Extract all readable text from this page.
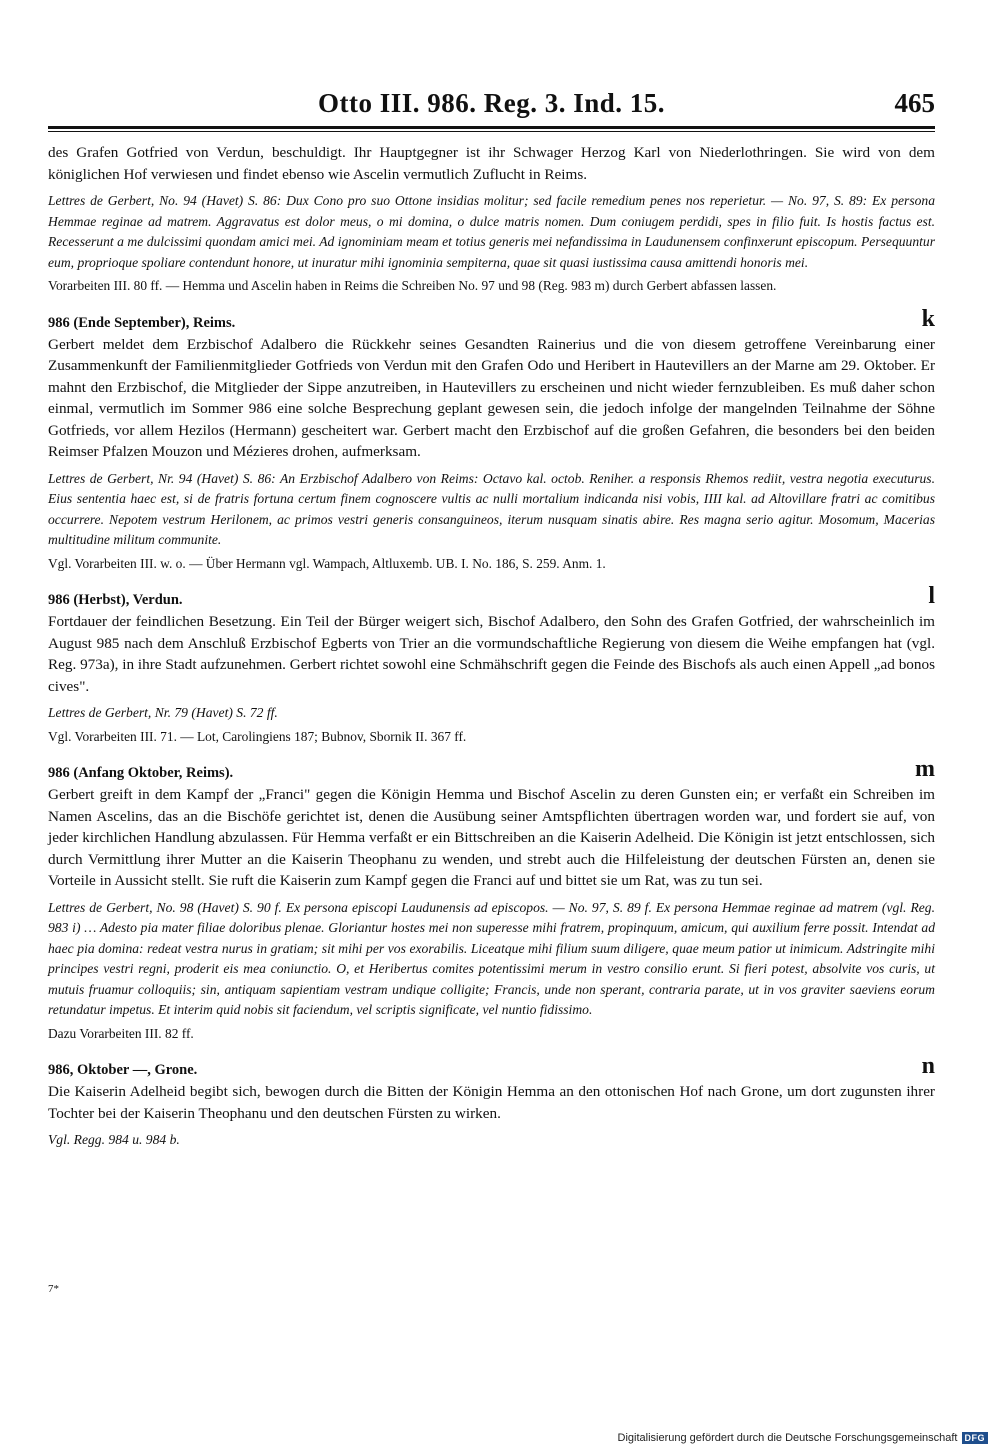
Otto III. 986. Reg. 3. Ind. 15.	465

des Grafen Gotfried von Verdun, beschuldigt. Ihr Hauptgegner ist ihr Schwager Herzog Karl von Niederlothringen. Sie wird von dem königlichen Hof verwiesen und findet ebenso wie Ascelin vermutlich Zuflucht in Reims.

Lettres de Gerbert, No. 94 (Havet) S. 86: Dux Cono pro suo Ottone insidias molitur; sed facile remedium penes nos reperietur. — No. 97, S. 89: Ex persona Hemmae reginae ad matrem. Aggravatus est dolor meus, o mi domina, o dulce matris nomen. Dum coniugem perdidi, spes in filio fuit. Is hostis factus est. Recesserunt a me dulcissimi quondam amici mei. Ad ignominiam meam et totius generis mei nefandissima in Laudunensem confinxerunt episcopum. Persequuntur eum, proprioque spoliare contendunt honore, ut inuratur mihi ignominia sempiterna, quae sit quasi iustissima causa amittendi honoris mei.

Vorarbeiten III. 80 ff. — Hemma und Ascelin haben in Reims die Schreiben No. 97 und 98 (Reg. 983 m) durch Gerbert abfassen lassen.

986 (Ende September), Reims.	k

Gerbert meldet dem Erzbischof Adalbero die Rückkehr seines Gesandten Rainerius und die von diesem getroffene Vereinbarung einer Zusammenkunft der Familienmitglieder Gotfrieds von Verdun mit den Grafen Odo und Heribert in Hautevillers an der Marne am 29. Oktober. Er mahnt den Erzbischof, die Mitglieder der Sippe anzutreiben, in Hautevillers zu erscheinen und nicht wieder fernzubleiben. Es muß daher schon einmal, vermutlich im Sommer 986 eine solche Besprechung geplant gewesen sein, die jedoch infolge der mangelnden Teilnahme der Söhne Gotfrieds, vor allem Hezilos (Hermann) gescheitert war. Gerbert macht den Erzbischof auf die großen Gefahren, die besonders bei den beiden Reimser Pfalzen Mouzon und Mézieres drohen, aufmerksam.

Lettres de Gerbert, Nr. 94 (Havet) S. 86: An Erzbischof Adalbero von Reims: Octavo kal. octob. Reniher. a responsis Rhemos rediit, vestra negotia executurus. Eius sententia haec est, si de fratris fortuna certum finem cognoscere vultis ac nulli mortalium indicanda nisi vobis, IIII kal. ad Altovillare fratri ac comitibus occurrere. Nepotem vestrum Herilonem, ac primos vestri generis consanguineos, iterum nusquam sinatis abire. Res magna serio agitur. Mosomum, Macerias multitudine militum communite.

Vgl. Vorarbeiten III. w. o. — Über Hermann vgl. Wampach, Altluxemb. UB. I. No. 186, S. 259. Anm. 1.

986 (Herbst), Verdun.	l

Fortdauer der feindlichen Besetzung. Ein Teil der Bürger weigert sich, Bischof Adalbero, den Sohn des Grafen Gotfried, der wahrscheinlich im August 985 nach dem Anschluß Erzbischof Egberts von Trier an die vormundschaftliche Regierung von diesem die Weihe empfangen hat (vgl. Reg. 973a), in ihre Stadt aufzunehmen. Gerbert richtet sowohl eine Schmähschrift gegen die Feinde des Bischofs als auch einen Appell „ad bonos cives".

Lettres de Gerbert, Nr. 79 (Havet) S. 72 ff.

Vgl. Vorarbeiten III. 71. — Lot, Carolingiens 187; Bubnov, Sbornik II. 367 ff.

986 (Anfang Oktober, Reims).	m

Gerbert greift in dem Kampf der „Franci" gegen die Königin Hemma und Bischof Ascelin zu deren Gunsten ein; er verfaßt ein Schreiben im Namen Ascelins, das an die Bischöfe gerichtet ist, denen die Ausübung seiner Amtspflichten übertragen worden war, und fordert sie auf, von jeder kirchlichen Handlung abzulassen. Für Hemma verfaßt er ein Bittschreiben an die Kaiserin Adelheid. Die Königin ist jetzt entschlossen, sich durch Vermittlung ihrer Mutter an die Kaiserin Theophanu zu wenden, und strebt auch die Hilfeleistung der deutschen Fürsten an, denen sie Vorteile in Aussicht stellt. Sie ruft die Kaiserin zum Kampf gegen die Franci auf und bittet sie um Rat, was zu tun sei.

Lettres de Gerbert, No. 98 (Havet) S. 90 f. Ex persona episcopi Laudunensis ad episcopos. — No. 97, S. 89 f. Ex persona Hemmae reginae ad matrem (vgl. Reg. 983 i) … Adesto pia mater filiae doloribus plenae. Gloriantur hostes mei non superesse mihi fratrem, propinquum, amicum, qui auxilium ferre possit. Intendat ad haec pia domina: redeat vestra nurus in gratiam; sit mihi per vos exorabilis. Liceatque mihi filium suum diligere, quae meum patior ut inimicum. Adstringite mihi principes vestri regni, proderit eis mea coniunctio. O, et Heribertus comites potentissimi merum in vestro consilio erunt. Si fieri potest, absolvite vos curis, ut mutuis fruamur colloquiis; sin, antiquam sapientiam vestram undique colligite; Francis, unde non sperant, contraria parate, ut in vos graviter saeviens eorum retundatur impetus. Et interim quid nobis sit faciendum, vel scriptis significate, vel nuntio fidissimo.

Dazu Vorarbeiten III. 82 ff.

986, Oktober —, Grone.	n

Die Kaiserin Adelheid begibt sich, bewogen durch die Bitten der Königin Hemma an den ottonischen Hof nach Grone, um dort zugunsten ihrer Tochter bei der Kaiserin Theophanu und den deutschen Fürsten zu wirken.

Vgl. Regg. 984 u. 984 b.

7*
Digitalisierung gefördert durch die Deutsche Forschungsgemeinschaft DFG
